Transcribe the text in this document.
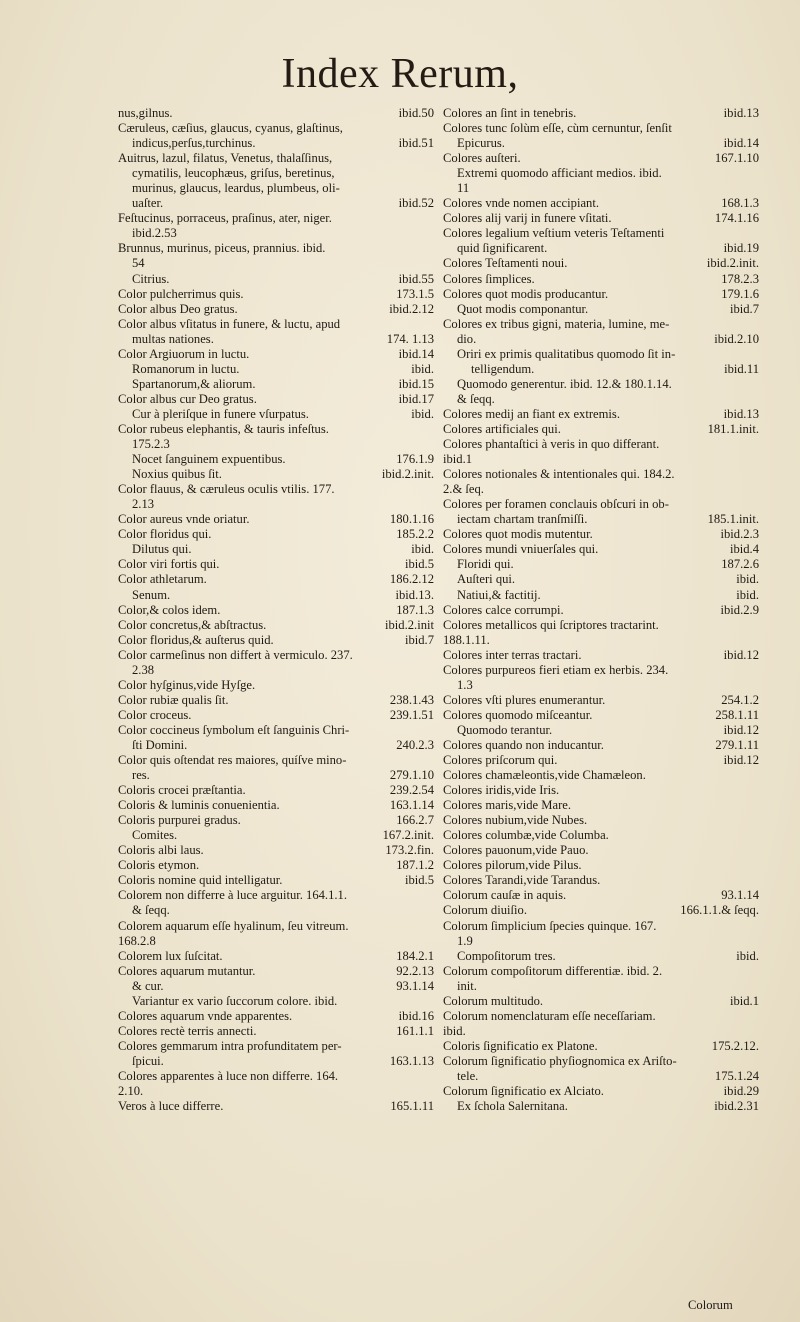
Index Rerum,
ibid.50
nus,gilnus.
Cæruleus, cæſius, glaucus, cyanus, glaſtinus,
ibid.51
indicus,perſus,turchinus.
Auitrus, lazul, filatus, Venetus, thalaſſinus,
cymatilis, leucophæus, griſus, beretinus,
murinus, glaucus, leardus, plumbeus, oli-
ibid.52
uaſter.
Feſtucinus, porraceus, praſinus, ater, niger.
ibid.2.53
Brunnus, murinus, piceus, prannius. ibid.
54
ibid.55
Citrius.
173.1.5
Color pulcherrimus quis.
ibid.2.12
Color albus Deo gratus.
Color albus vſitatus in funere, & luctu, apud
174. 1.13
multas nationes.
ibid.14
Color Argiuorum in luctu.
ibid.
Romanorum in luctu.
ibid.15
Spartanorum,& aliorum.
ibid.17
Color albus cur Deo gratus.
ibid.
Cur à pleriſque in funere vſurpatus.
Color rubeus elephantis, & tauris infeſtus.
175.2.3
176.1.9
Nocet ſanguinem expuentibus.
ibid.2.init.
Noxius quibus ſit.
Color flauus, & cæruleus oculis vtilis. 177.
2.13
180.1.16
Color aureus vnde oriatur.
185.2.2
Color floridus qui.
ibid.
Dilutus qui.
ibid.5
Color viri fortis qui.
186.2.12
Color athletarum.
ibid.13.
Senum.
187.1.3
Color,& colos idem.
ibid.2.init
Color concretus,& abſtractus.
ibid.7
Color floridus,& auſterus quid.
Color carmeſinus non differt à vermiculo. 237.
2.38
Color hyſginus,vide Hyſge.
238.1.43
Color rubiæ qualis ſit.
239.1.51
Color croceus.
Color coccineus ſymbolum eſt ſanguinis Chri-
240.2.3
ſti Domini.
Color quis oſtendat res maiores, quíſve mino-
279.1.10
res.
239.2.54
Coloris crocei præſtantia.
163.1.14
Coloris & luminis conuenientia.
166.2.7
Coloris purpurei gradus.
167.2.init.
Comites.
173.2.fin.
Coloris albi laus.
187.1.2
Coloris etymon.
ibid.5
Coloris nomine quid intelligatur.
Colorem non differre à luce arguitur. 164.1.1.
& ſeqq.
Colorem aquarum eſſe hyalinum, ſeu vitreum.
168.2.8
184.2.1
Colorem lux ſuſcitat.
92.2.13
Colores aquarum mutantur.
93.1.14
& cur.
Variantur ex vario ſuccorum colore. ibid.
ibid.16
Colores aquarum vnde apparentes.
161.1.1
Colores rectè terris annecti.
Colores gemmarum intra profunditatem per-
163.1.13
ſpicui.
Colores apparentes à luce non differre. 164.
2.10.
165.1.11
Veros à luce differre.
ibid.13
Colores an ſint in tenebris.
Colores tunc ſolùm eſſe, cùm cernuntur, ſenſit
ibid.14
Epicurus.
167.1.10
Colores auſteri.
Extremi quomodo afficiant medios. ibid.
11
168.1.3
Colores vnde nomen accipiant.
174.1.16
Colores alij varij in funere vſitati.
Colores legalium veſtium veteris Teſtamenti
ibid.19
quid ſignificarent.
ibid.2.init.
Colores Teſtamenti noui.
178.2.3
Colores ſimplices.
179.1.6
Colores quot modis producantur.
ibid.7
Quot modis componantur.
Colores ex tribus gigni, materia, lumine, me-
ibid.2.10
dio.
Oriri ex primis qualitatibus quomodo ſit in-
ibid.11
telligendum.
Quomodo generentur. ibid. 12.& 180.1.14.
& ſeqq.
ibid.13
Colores medij an fiant ex extremis.
181.1.init.
Colores artificiales qui.
Colores phantaſtici à veris in quo differant.
ibid.1
Colores notionales & intentionales qui. 184.2.
2.& ſeq.
Colores per foramen conclauis obſcuri in ob-
185.1.init.
iectam chartam tranſmiſſi.
ibid.2.3
Colores quot modis mutentur.
ibid.4
Colores mundi vniuerſales qui.
187.2.6
Floridi qui.
ibid.
Auſteri qui.
ibid.
Natiui,& factitij.
ibid.2.9
Colores calce corrumpi.
Colores metallicos qui ſcriptores tractarint.
188.1.11.
ibid.12
Colores inter terras tractari.
Colores purpureos fieri etiam ex herbis. 234.
1.3
254.1.2
Colores vſti plures enumerantur.
258.1.11
Colores quomodo miſceantur.
ibid.12
Quomodo terantur.
279.1.11
Colores quando non inducantur.
ibid.12
Colores priſcorum qui.
Colores chamæleontis,vide Chamæleon.
Colores iridis,vide Iris.
Colores maris,vide Mare.
Colores nubium,vide Nubes.
Colores columbæ,vide Columba.
Colores pauonum,vide Pauo.
Colores pilorum,vide Pilus.
Colores Tarandi,vide Tarandus.
93.1.14
Colorum cauſæ in aquis.
166.1.1.& ſeqq.
Colorum diuiſio.
Colorum ſimplicium ſpecies quinque. 167.
1.9
ibid.
Compoſitorum tres.
Colorum compoſitorum differentiæ. ibid. 2.
init.
ibid.1
Colorum multitudo.
Colorum nomenclaturam eſſe neceſſariam.
ibid.
175.2.12.
Coloris ſignificatio ex Platone.
Colorum ſignificatio phyſiognomica ex Ariſto-
175.1.24
tele.
ibid.29
Colorum ſignificatio ex Alciato.
ibid.2.31
Ex ſchola Salernitana.
Colorum
